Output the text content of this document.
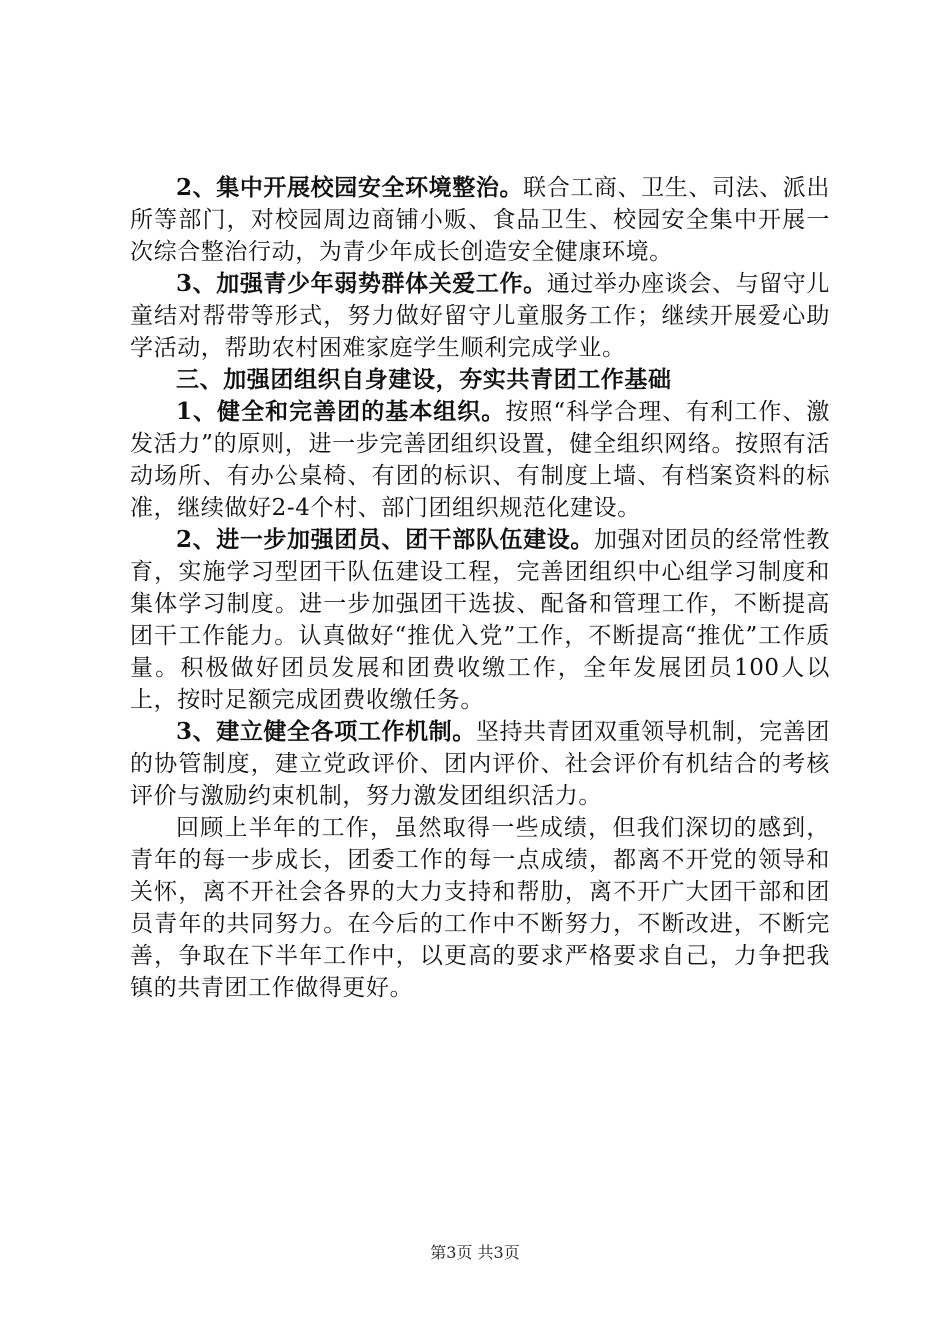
2、集中开展校园安全环境整治。联合工商、卫生、司法、派出所等部门，对校园周边商铺小贩、食品卫生、校园安全集中开展一次综合整治行动，为青少年成长创造安全健康环境。

3、加强青少年弱势群体关爱工作。通过举办座谈会、与留守儿童结对帮带等形式，努力做好留守儿童服务工作；继续开展爱心助学活动，帮助农村困难家庭学生顺利完成学业。

三、加强团组织自身建设，夯实共青团工作基础

1、健全和完善团的基本组织。按照“科学合理、有利工作、激发活力”的原则，进一步完善团组织设置，健全组织网络。按照有活动场所、有办公桌椅、有团的标识、有制度上墙、有档案资料的标准，继续做好2-4个村、部门团组织规范化建设。

2、进一步加强团员、团干部队伍建设。加强对团员的经常性教育，实施学习型团干队伍建设工程，完善团组织中心组学习制度和集体学习制度。进一步加强团干选拔、配备和管理工作，不断提高团干工作能力。认真做好“推优入党”工作，不断提高“推优”工作质量。积极做好团员发展和团费收缴工作，全年发展团员100人以上，按时足额完成团费收缴任务。

3、建立健全各项工作机制。坚持共青团双重领导机制，完善团的协管制度，建立党政评价、团内评价、社会评价有机结合的考核评价与激励约束机制，努力激发团组织活力。

回顾上半年的工作，虽然取得一些成绩，但我们深切的感到，青年的每一步成长，团委工作的每一点成绩，都离不开党的领导和关怀，离不开社会各界的大力支持和帮肋，离不开广大团干部和团员青年的共同努力。在今后的工作中不断努力，不断改进，不断完善，争取在下半年工作中，以更高的要求严格要求自己，力争把我镇的共青团工作做得更好。

第3页 共3页
